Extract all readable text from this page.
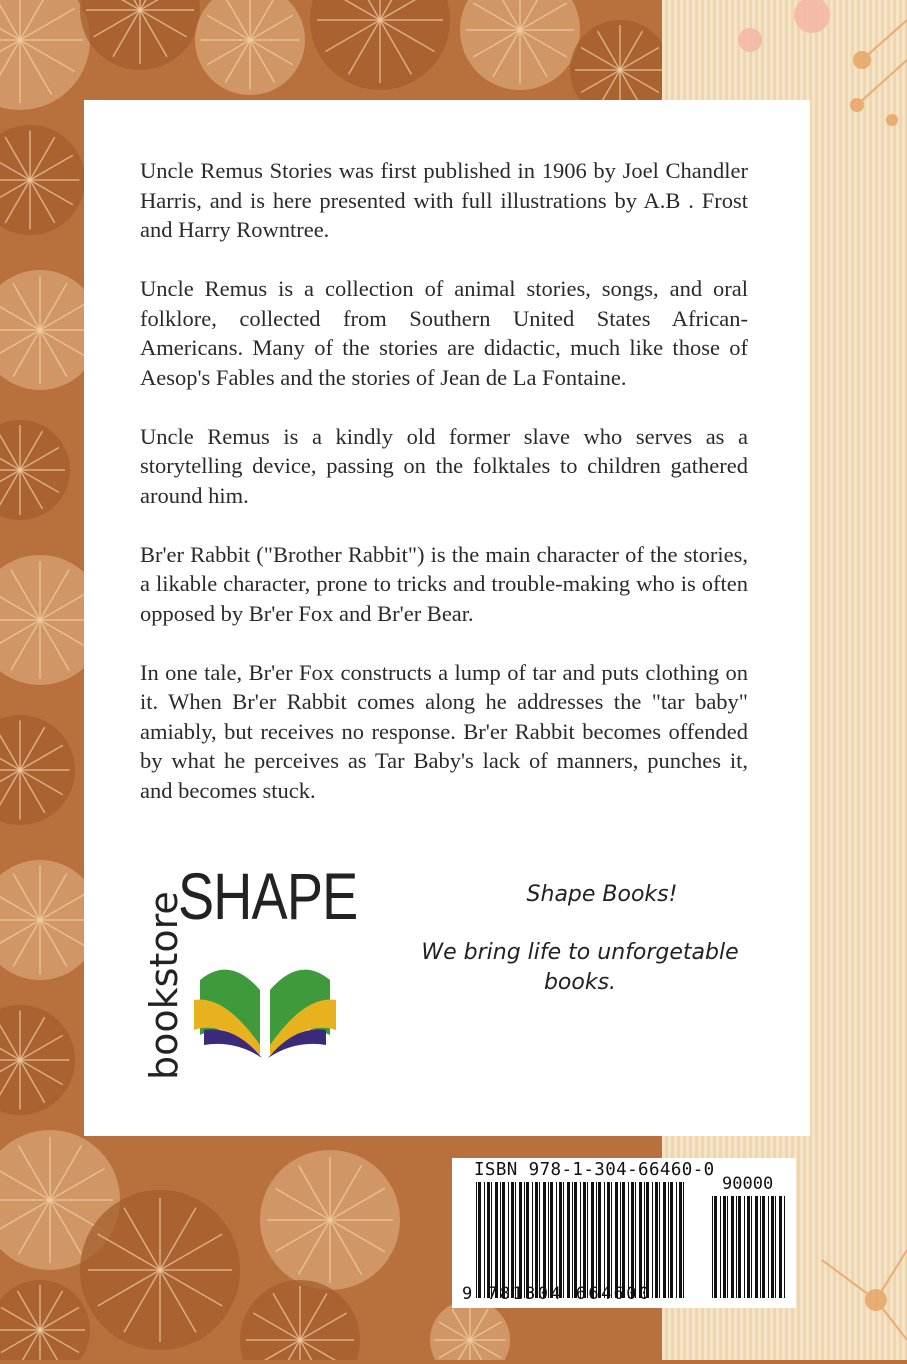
Uncle Remus Stories was first published in 1906 by Joel Chandler Harris, and is here presented with full illustrations by A.B . Frost and Harry Rowntree.

Uncle Remus is a collection of animal stories, songs, and oral folklore, collected from Southern United States African-Americans. Many of the stories are didactic, much like those of Aesop's Fables and the stories of Jean de La Fontaine.

Uncle Remus is a kindly old former slave who serves as a storytelling device, passing on the folktales to children gathered around him.

Br'er Rabbit ("Brother Rabbit") is the main character of the stories, a likable character, prone to tricks and trouble-making who is often opposed by Br'er Fox and Br'er Bear.

In one tale, Br'er Fox constructs a lump of tar and puts clothing on it. When Br'er Rabbit comes along he addresses the "tar baby" amiably, but receives no response. Br'er Rabbit becomes offended by what he perceives as Tar Baby's lack of manners, punches it, and becomes stuck.

bookstore
SHAPE	Shape Books!
We bring life to unforgetable books.
ISBN 978-1-304-66460-0
90000
9 781304 664600
